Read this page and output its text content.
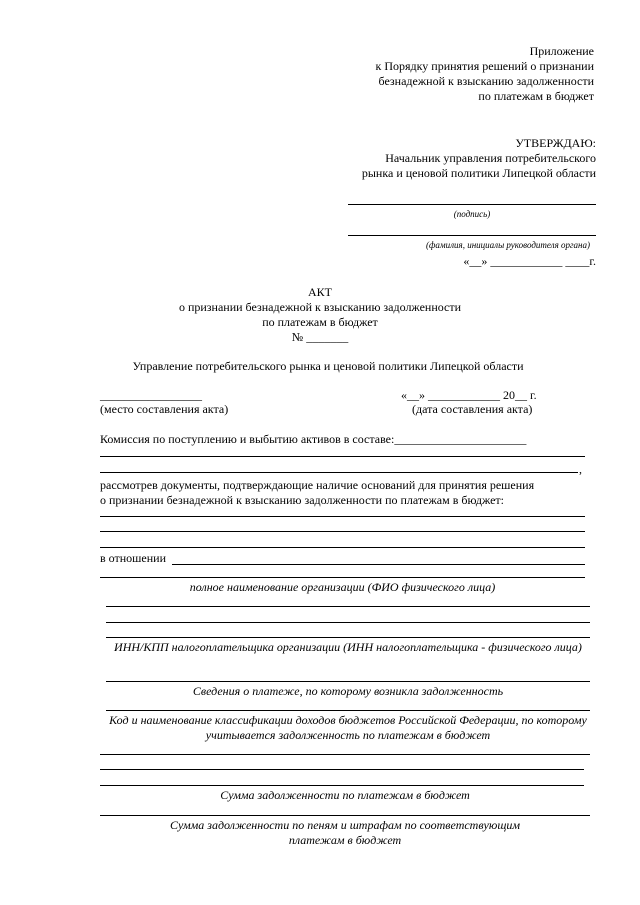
Приложение
к Порядку принятия решений о признании
безнадежной к взысканию задолженности
по платежам в бюджет
УТВЕРЖДАЮ:
Начальник управления потребительского
рынка и ценовой политики Липецкой области
(подпись)
(фамилия, инициалы руководителя органа)
«__» ____________ ____г.
АКТ
о признании безнадежной к взысканию задолженности
по платежам в бюджет
№ _______
Управление потребительского рынка и ценовой политики Липецкой области
_________________
(место составления акта)
«__» ____________ 20__ г.
(дата составления акта)
Комиссия по поступлению и выбытию активов в составе:______________________
,
рассмотрев документы, подтверждающие наличие оснований для принятия решения
о признании безнадежной к взысканию задолженности по платежам в бюджет:
в отношении
полное наименование организации (ФИО физического лица)
ИНН/КПП налогоплательщика организации (ИНН налогоплательщика - физического лица)
Сведения о платеже, по которому возникла задолженность
Код и наименование классификации доходов бюджетов Российской Федерации, по которому учитывается задолженность по платежам в бюджет
Сумма задолженности по платежам в бюджет
Сумма задолженности по пеням и штрафам по соответствующим платежам в бюджет
